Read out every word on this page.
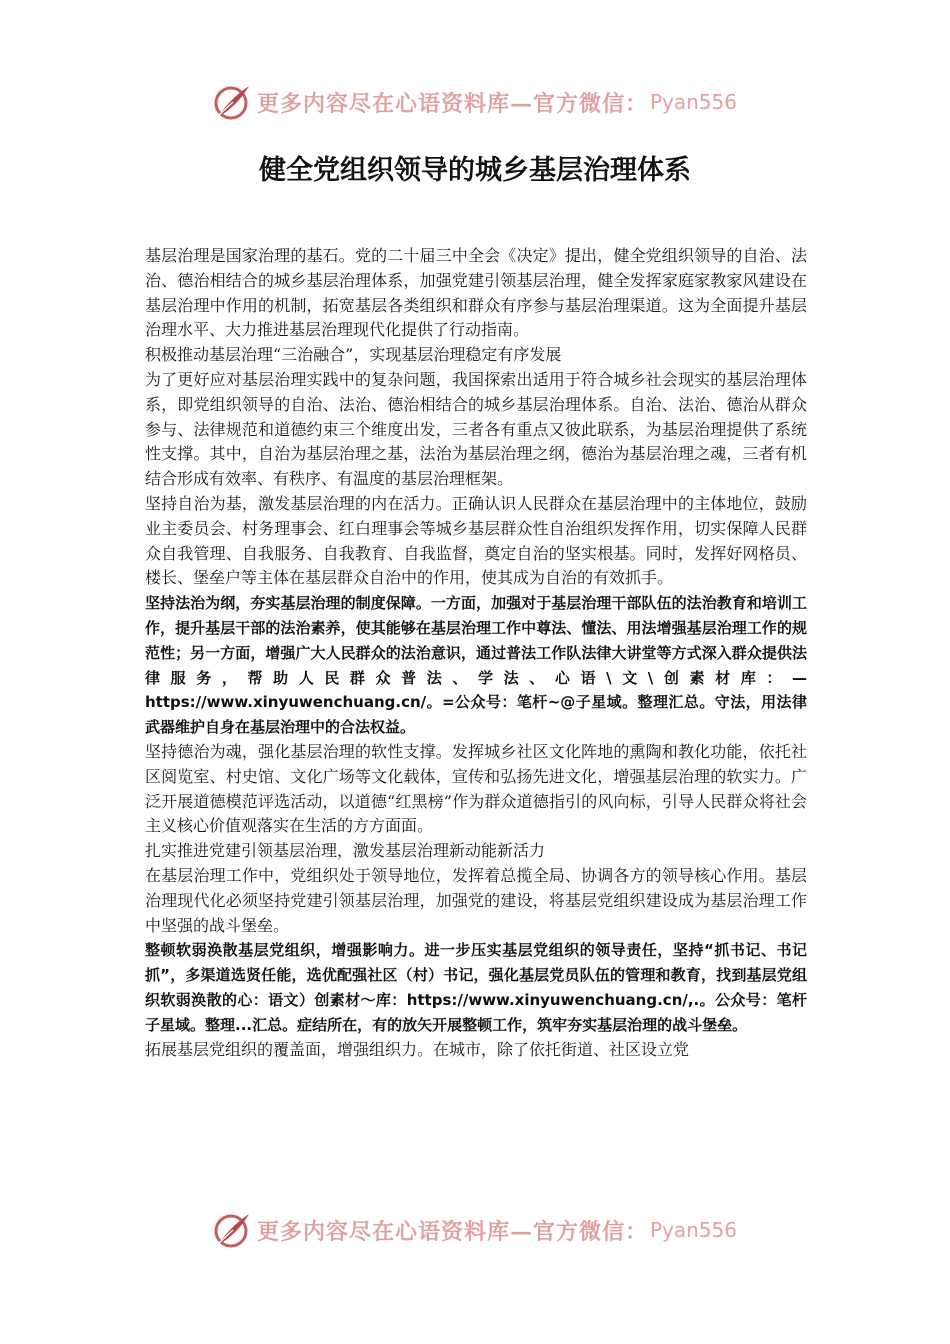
更多内容尽在心语资料库—官方微信： Pyan556
健全党组织领导的城乡基层治理体系

基层治理是国家治理的基石。党的二十届三中全会《决定》提出，健全党组织领导的自治、法治、德治相结合的城乡基层治理体系，加强党建引领基层治理，健全发挥家庭家教家风建设在基层治理中作用的机制，拓宽基层各类组织和群众有序参与基层治理渠道。这为全面提升基层治理水平、大力推进基层治理现代化提供了行动指南。

积极推动基层治理“三治融合”，实现基层治理稳定有序发展

为了更好应对基层治理实践中的复杂问题，我国探索出适用于符合城乡社会现实的基层治理体系，即党组织领导的自治、法治、德治相结合的城乡基层治理体系。自治、法治、德治从群众参与、法律规范和道德约束三个维度出发，三者各有重点又彼此联系，为基层治理提供了系统性支撑。其中，自治为基层治理之基，法治为基层治理之纲，德治为基层治理之魂，三者有机结合形成有效率、有秩序、有温度的基层治理框架。

坚持自治为基，激发基层治理的内在活力。正确认识人民群众在基层治理中的主体地位，鼓励业主委员会、村务理事会、红白理事会等城乡基层群众性自治组织发挥作用，切实保障人民群众自我管理、自我服务、自我教育、自我监督，奠定自治的坚实根基。同时，发挥好网格员、楼长、堡垒户等主体在基层群众自治中的作用，使其成为自治的有效抓手。

坚持法治为纲，夯实基层治理的制度保障。一方面，加强对于基层治理干部队伍的法治教育和培训工作，提升基层干部的法治素养，使其能够在基层治理工作中尊法、懂法、用法增强基层治理工作的规范性；另一方面，增强广大人民群众的法治意识，通过普法工作队法律大讲堂等方式深入群众提供法律服务，帮助人民群众普法、学法、心语\文\创素材库：—https://www.xinyuwenchuang.cn/。=公众号：笔杆~@子星域。整理汇总。守法，用法律武器维护自身在基层治理中的合法权益。

坚持德治为魂，强化基层治理的软性支撑。发挥城乡社区文化阵地的熏陶和教化功能，依托社区阅览室、村史馆、文化广场等文化载体，宣传和弘扬先进文化，增强基层治理的软实力。广泛开展道德模范评选活动，以道德“红黑榜”作为群众道德指引的风向标，引导人民群众将社会主义核心价值观落实在生活的方方面面。

扎实推进党建引领基层治理，激发基层治理新动能新活力

在基层治理工作中，党组织处于领导地位，发挥着总揽全局、协调各方的领导核心作用。基层治理现代化必须坚持党建引领基层治理，加强党的建设，将基层党组织建设成为基层治理工作中坚强的战斗堡垒。

整顿软弱涣散基层党组织，增强影响力。进一步压实基层党组织的领导责任，坚持“抓书记、书记抓”，多渠道选贤任能，选优配强社区（村）书记，强化基层党员队伍的管理和教育，找到基层党组织软弱涣散的心：语文）创素材～库：https://www.xinyuwenchuang.cn/,.。公众号：笔杆子星域。整理...汇总。症结所在，有的放矢开展整顿工作，筑牢夯实基层治理的战斗堡垒。

拓展基层党组织的覆盖面，增强组织力。在城市，除了依托街道、社区设立党

更多内容尽在心语资料库—官方微信： Pyan556
